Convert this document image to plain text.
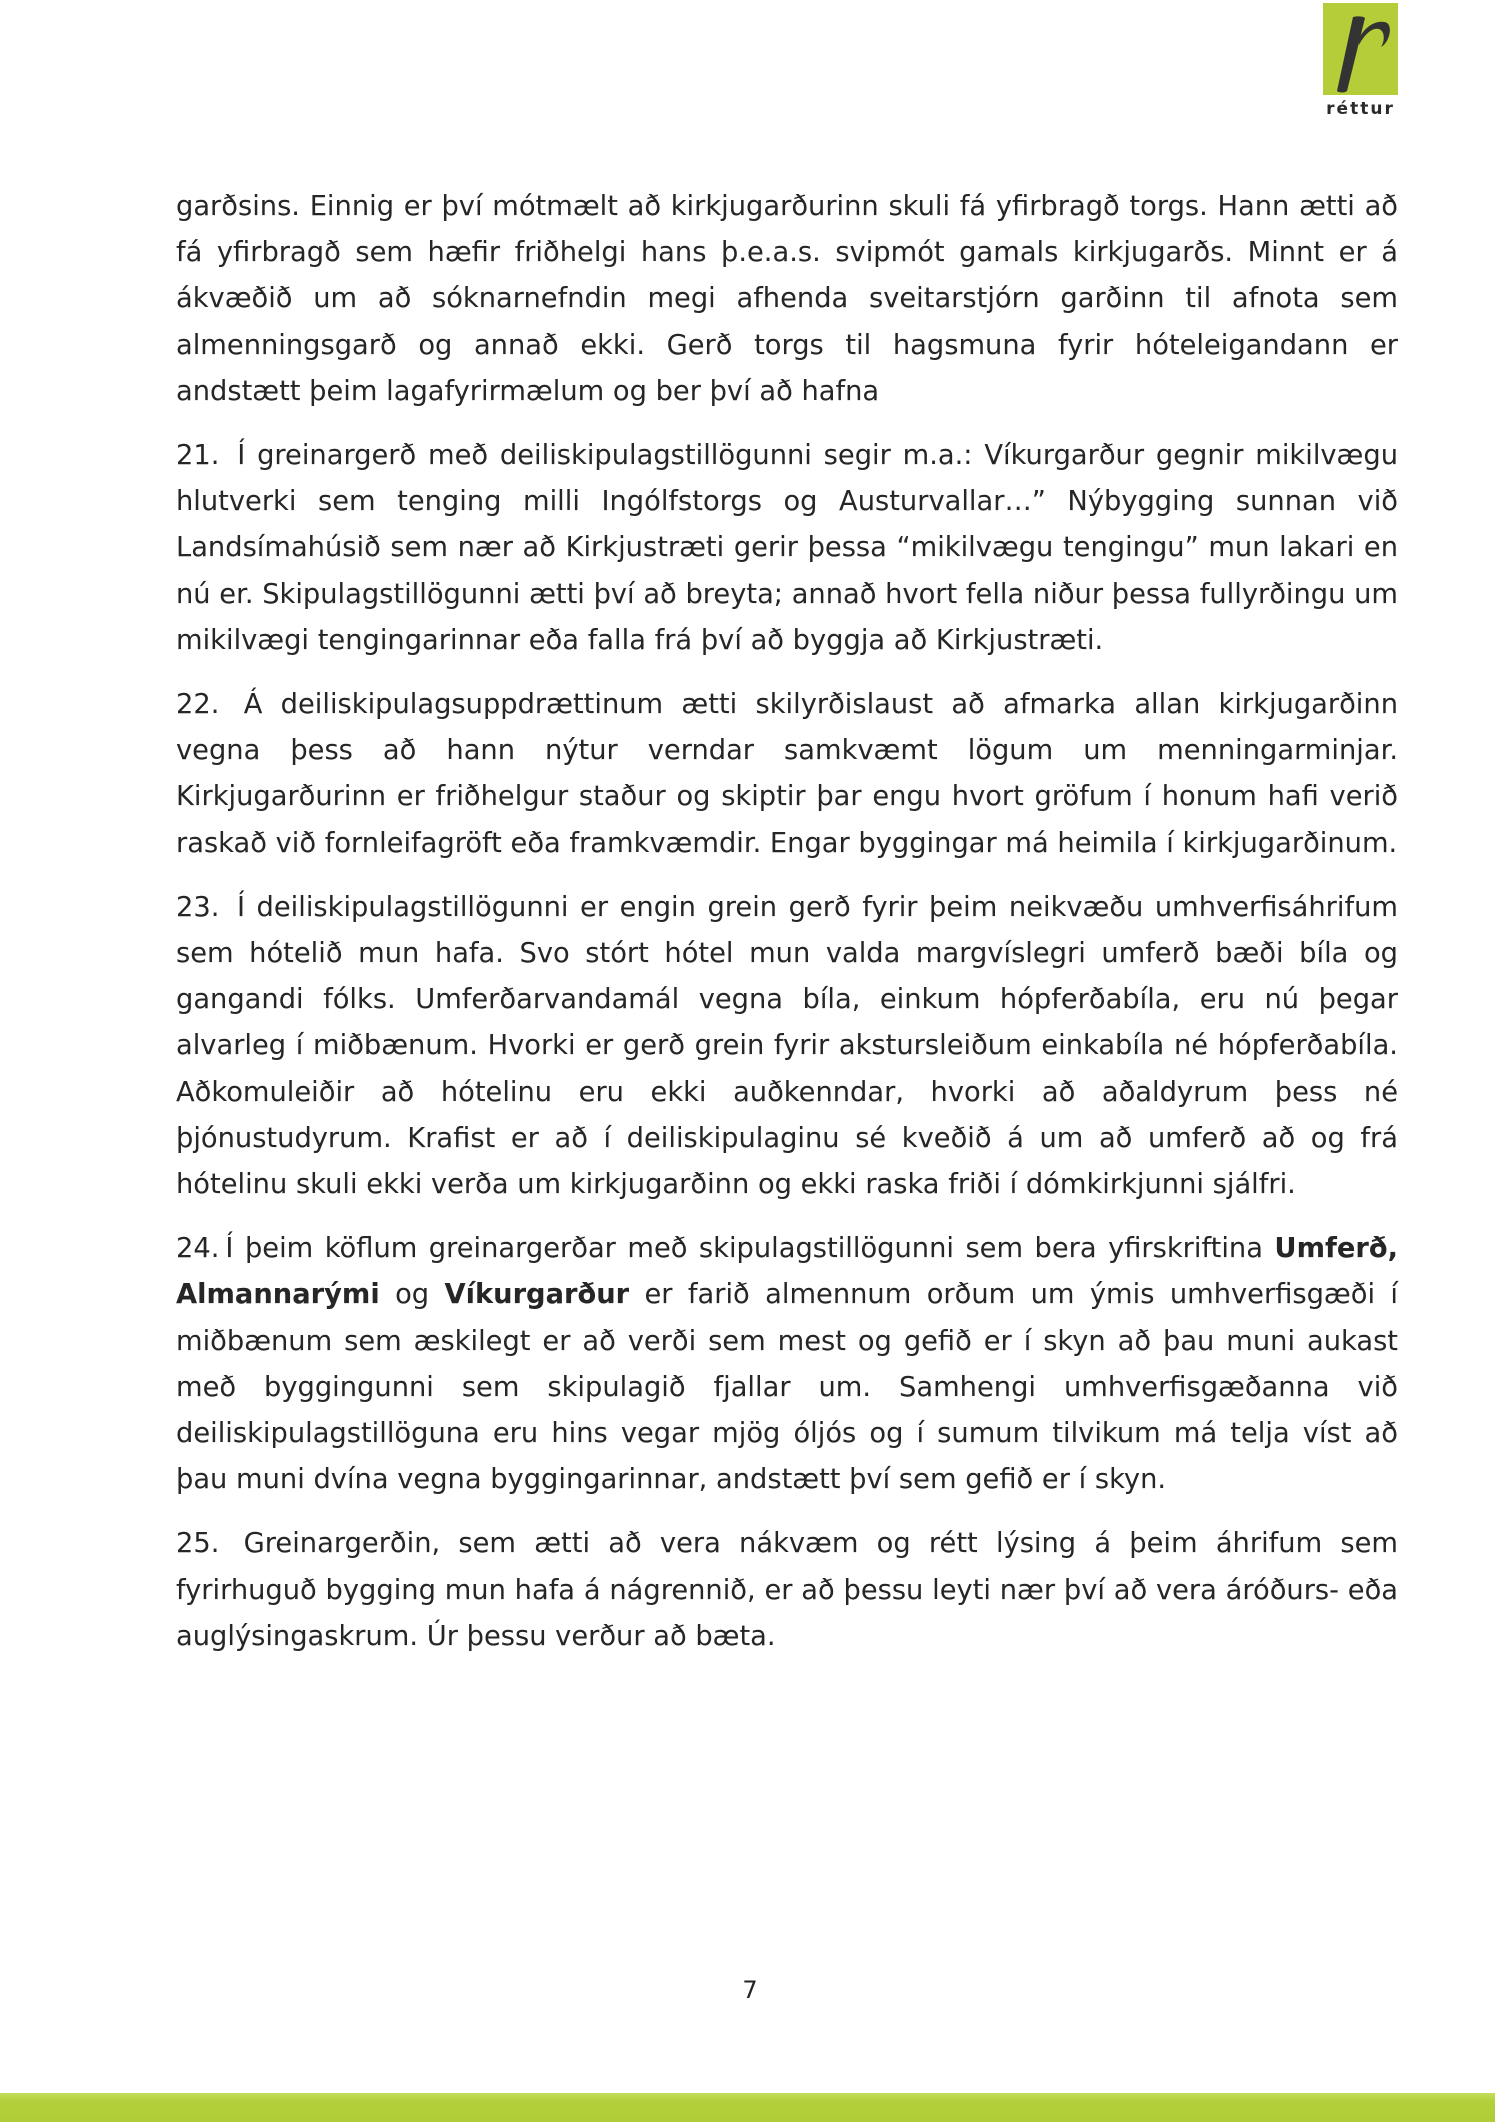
réttur

garðsins. Einnig er því mótmælt að kirkjugarðurinn skuli fá yfirbragð torgs. Hann ætti að fá yfirbragð sem hæfir friðhelgi hans þ.e.a.s. svipmót gamals kirkjugarðs. Minnt er á ákvæðið um að sóknarnefndin megi afhenda sveitarstjórn garðinn til afnota sem almenningsgarð og annað ekki. Gerð torgs til hagsmuna fyrir hóteleigandann er andstætt þeim lagafyrirmælum og ber því að hafna

21. Í greinargerð með deiliskipulagstillögunni segir m.a.: Víkurgarður gegnir mikilvægu hlutverki sem tenging milli Ingólfstorgs og Austurvallar…” Nýbygging sunnan við Landsímahúsið sem nær að Kirkjustræti gerir þessa “mikilvægu tengingu” mun lakari en nú er. Skipulagstillögunni ætti því að breyta; annað hvort fella niður þessa fullyrðingu um mikilvægi tengingarinnar eða falla frá því að byggja að Kirkjustræti.

22. Á deiliskipulagsuppdrættinum ætti skilyrðislaust að afmarka allan kirkjugarðinn vegna þess að hann nýtur verndar samkvæmt lögum um menningarminjar. Kirkjugarðurinn er friðhelgur staður og skiptir þar engu hvort gröfum í honum hafi verið raskað við fornleifagröft eða framkvæmdir. Engar byggingar má heimila í kirkjugarðinum.

23. Í deiliskipulagstillögunni er engin grein gerð fyrir þeim neikvæðu umhverfisáhrifum sem hótelið mun hafa. Svo stórt hótel mun valda margvíslegri umferð bæði bíla og gangandi fólks. Umferðarvandamál vegna bíla, einkum hópferðabíla, eru nú þegar alvarleg í miðbænum. Hvorki er gerð grein fyrir akstursleiðum einkabíla né hópferðabíla. Aðkomuleiðir að hótelinu eru ekki auðkenndar, hvorki að aðaldyrum þess né þjónustudyrum. Krafist er að í deiliskipulaginu sé kveðið á um að umferð að og frá hótelinu skuli ekki verða um kirkjugarðinn og ekki raska friði í dómkirkjunni sjálfri.

24. Í þeim köflum greinargerðar með skipulagstillögunni sem bera yfirskriftina Umferð, Almannarými og Víkurgarður er farið almennum orðum um ýmis umhverfisgæði í miðbænum sem æskilegt er að verði sem mest og gefið er í skyn að þau muni aukast með byggingunni sem skipulagið fjallar um. Samhengi umhverfisgæðanna við deiliskipulagstillöguna eru hins vegar mjög óljós og í sumum tilvikum má telja víst að þau muni dvína vegna byggingarinnar, andstætt því sem gefið er í skyn.

25. Greinargerðin, sem ætti að vera nákvæm og rétt lýsing á þeim áhrifum sem fyrirhuguð bygging mun hafa á nágrennið, er að þessu leyti nær því að vera áróðurs- eða auglýsingaskrum. Úr þessu verður að bæta.

7
